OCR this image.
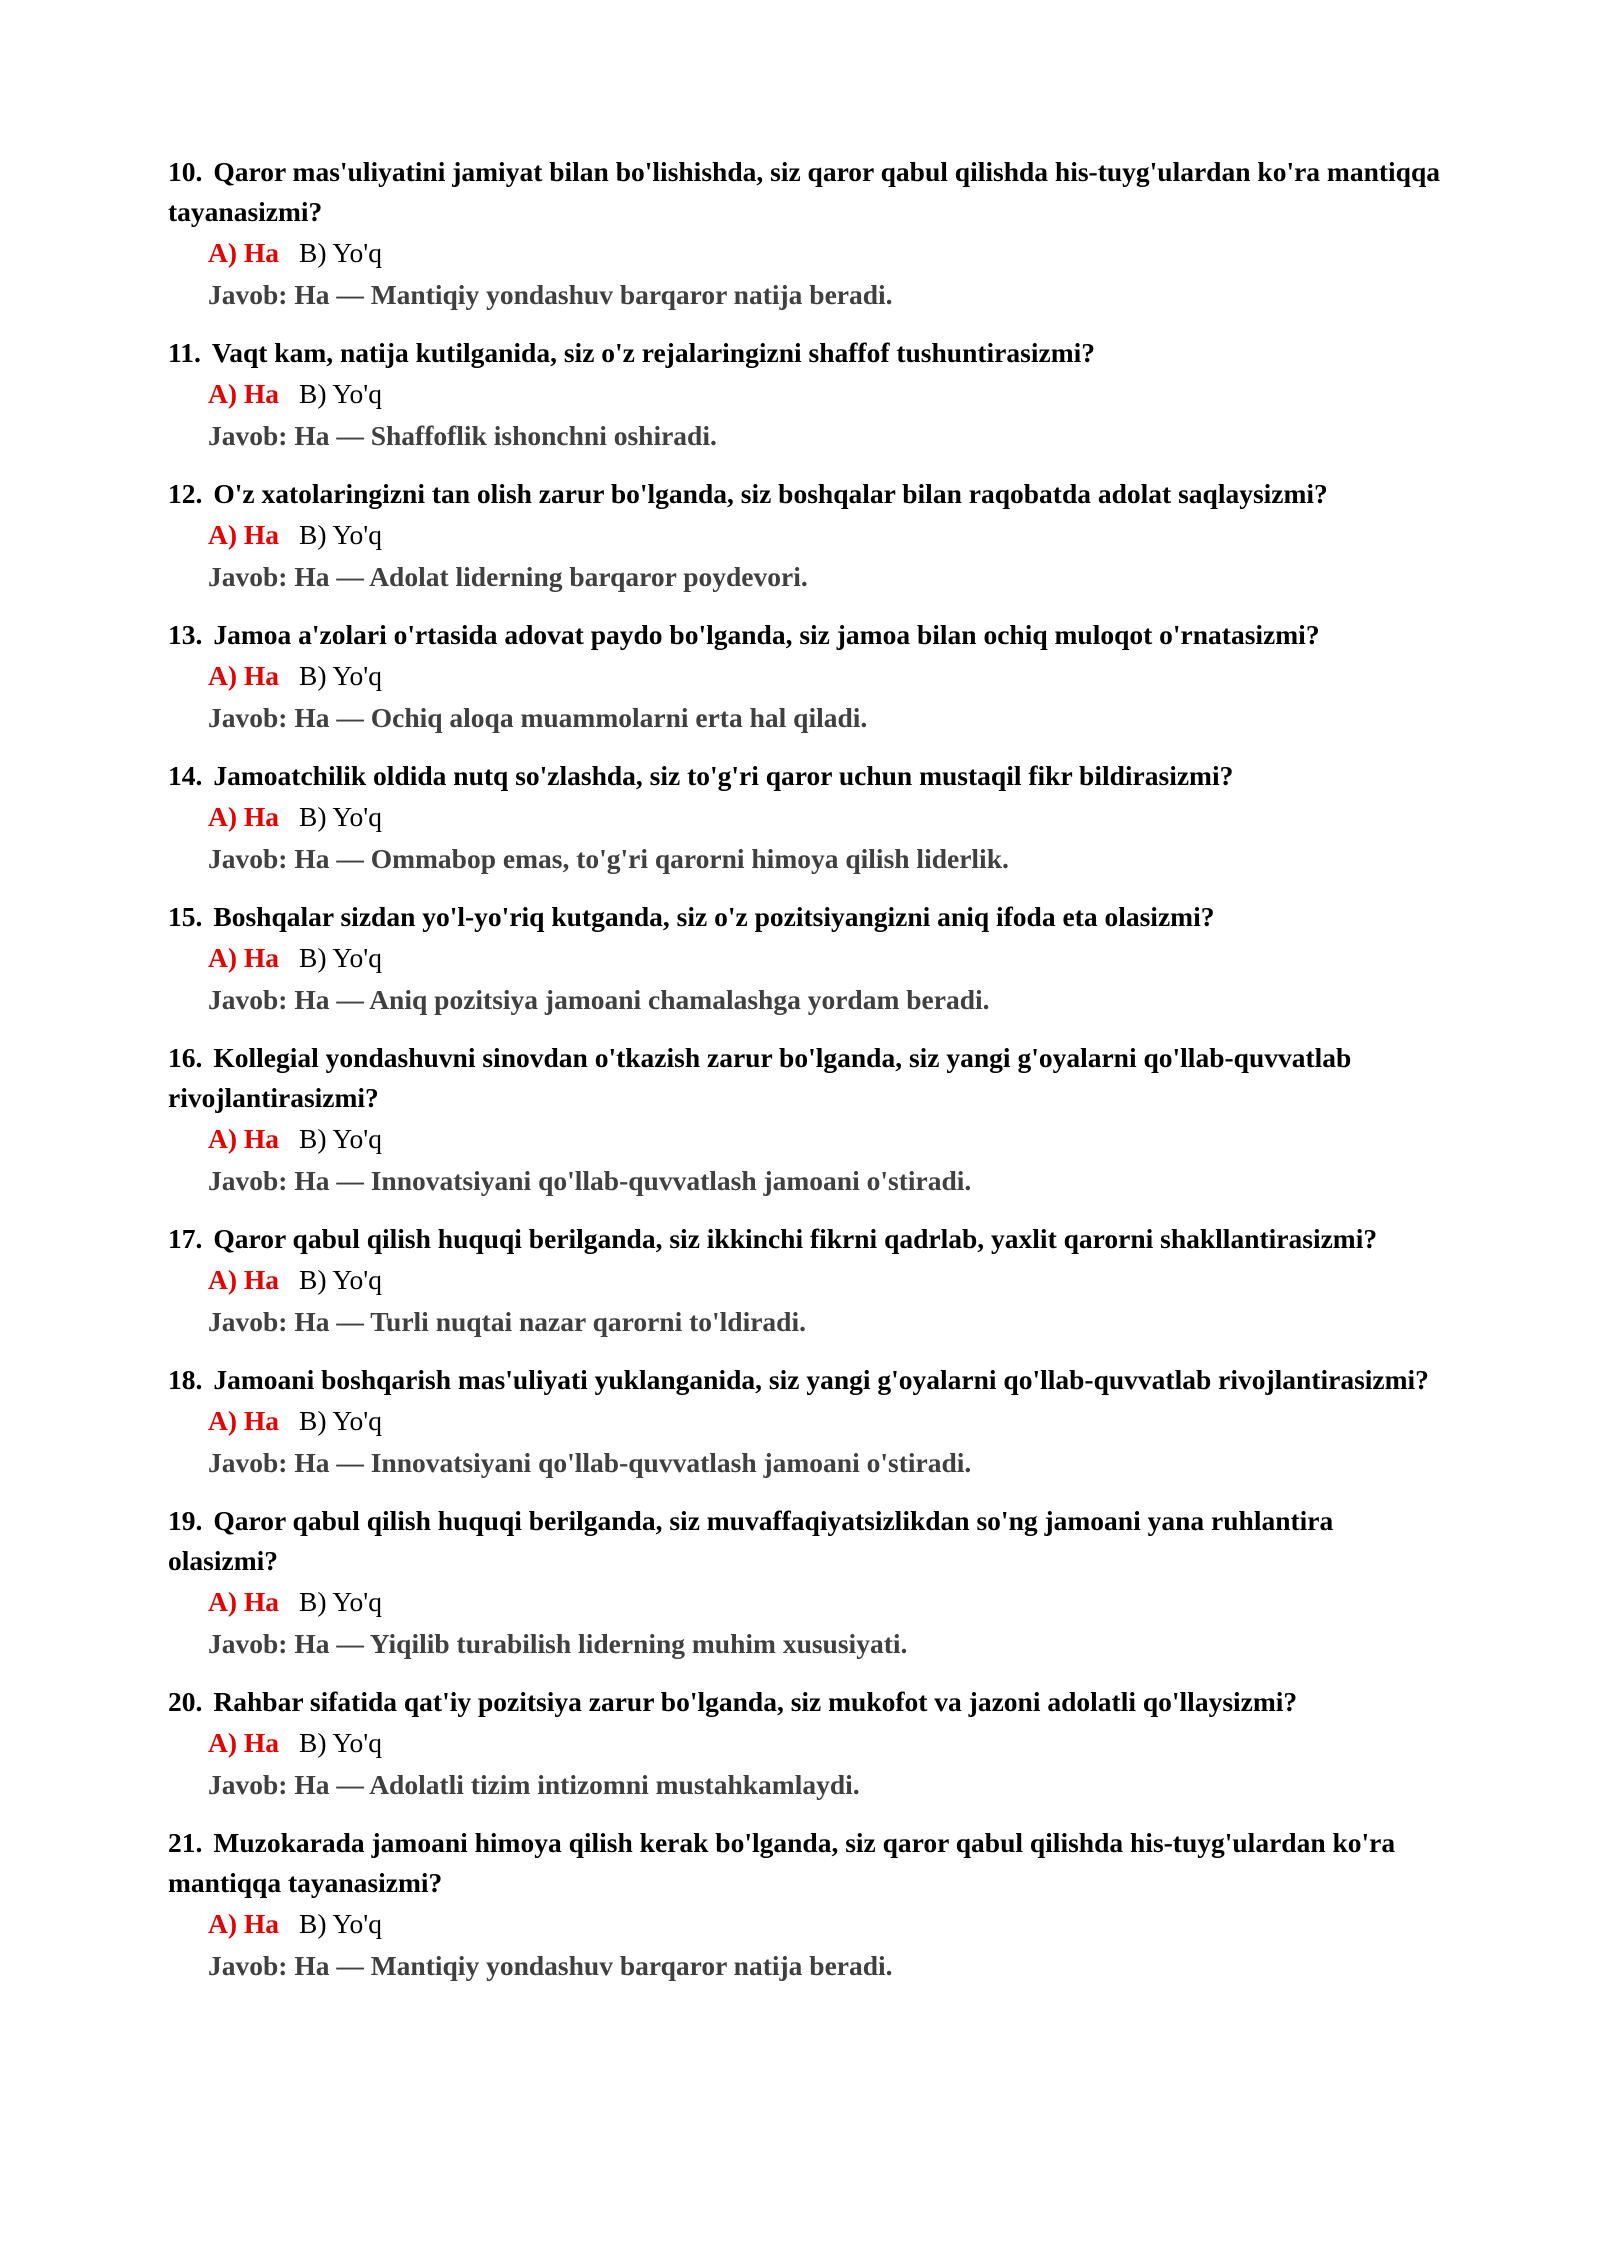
10. Qaror mas'uliyatini jamiyat bilan bo'lishishda, siz qaror qabul qilishda his-tuyg'ulardan ko'ra mantiqqa tayanasizmi?

A) Ha B) Yo'q
Javob: Ha — Mantiqiy yondashuv barqaror natija beradi.

11. Vaqt kam, natija kutilganida, siz o'z rejalaringizni shaffof tushuntirasizmi?

A) Ha B) Yo'q
Javob: Ha — Shaffoflik ishonchni oshiradi.

12. O'z xatolaringizni tan olish zarur bo'lganda, siz boshqalar bilan raqobatda adolat saqlaysizmi?

A) Ha B) Yo'q
Javob: Ha — Adolat liderning barqaror poydevori.

13. Jamoa a'zolari o'rtasida adovat paydo bo'lganda, siz jamoa bilan ochiq muloqot o'rnatasizmi?

A) Ha B) Yo'q
Javob: Ha — Ochiq aloqa muammolarni erta hal qiladi.

14. Jamoatchilik oldida nutq so'zlashda, siz to'g'ri qaror uchun mustaqil fikr bildirasizmi?

A) Ha B) Yo'q
Javob: Ha — Ommabop emas, to'g'ri qarorni himoya qilish liderlik.

15. Boshqalar sizdan yo'l-yo'riq kutganda, siz o'z pozitsiyangizni aniq ifoda eta olasizmi?

A) Ha B) Yo'q
Javob: Ha — Aniq pozitsiya jamoani chamalashga yordam beradi.

16. Kollegial yondashuvni sinovdan o'tkazish zarur bo'lganda, siz yangi g'oyalarni qo'llab-quvvatlab rivojlantirasizmi?

A) Ha B) Yo'q
Javob: Ha — Innovatsiyani qo'llab-quvvatlash jamoani o'stiradi.

17. Qaror qabul qilish huquqi berilganda, siz ikkinchi fikrni qadrlab, yaxlit qarorni shakllantirasizmi?

A) Ha B) Yo'q
Javob: Ha — Turli nuqtai nazar qarorni to'ldiradi.

18. Jamoani boshqarish mas'uliyati yuklanganida, siz yangi g'oyalarni qo'llab-quvvatlab rivojlantirasizmi?

A) Ha B) Yo'q
Javob: Ha — Innovatsiyani qo'llab-quvvatlash jamoani o'stiradi.

19. Qaror qabul qilish huquqi berilganda, siz muvaffaqiyatsizlikdan so'ng jamoani yana ruhlantira olasizmi?

A) Ha B) Yo'q
Javob: Ha — Yiqilib turabilish liderning muhim xususiyati.

20. Rahbar sifatida qat'iy pozitsiya zarur bo'lganda, siz mukofot va jazoni adolatli qo'llaysizmi?

A) Ha B) Yo'q
Javob: Ha — Adolatli tizim intizomni mustahkamlaydi.

21. Muzokarada jamoani himoya qilish kerak bo'lganda, siz qaror qabul qilishda his-tuyg'ulardan ko'ra mantiqqa tayanasizmi?

A) Ha B) Yo'q
Javob: Ha — Mantiqiy yondashuv barqaror natija beradi.
